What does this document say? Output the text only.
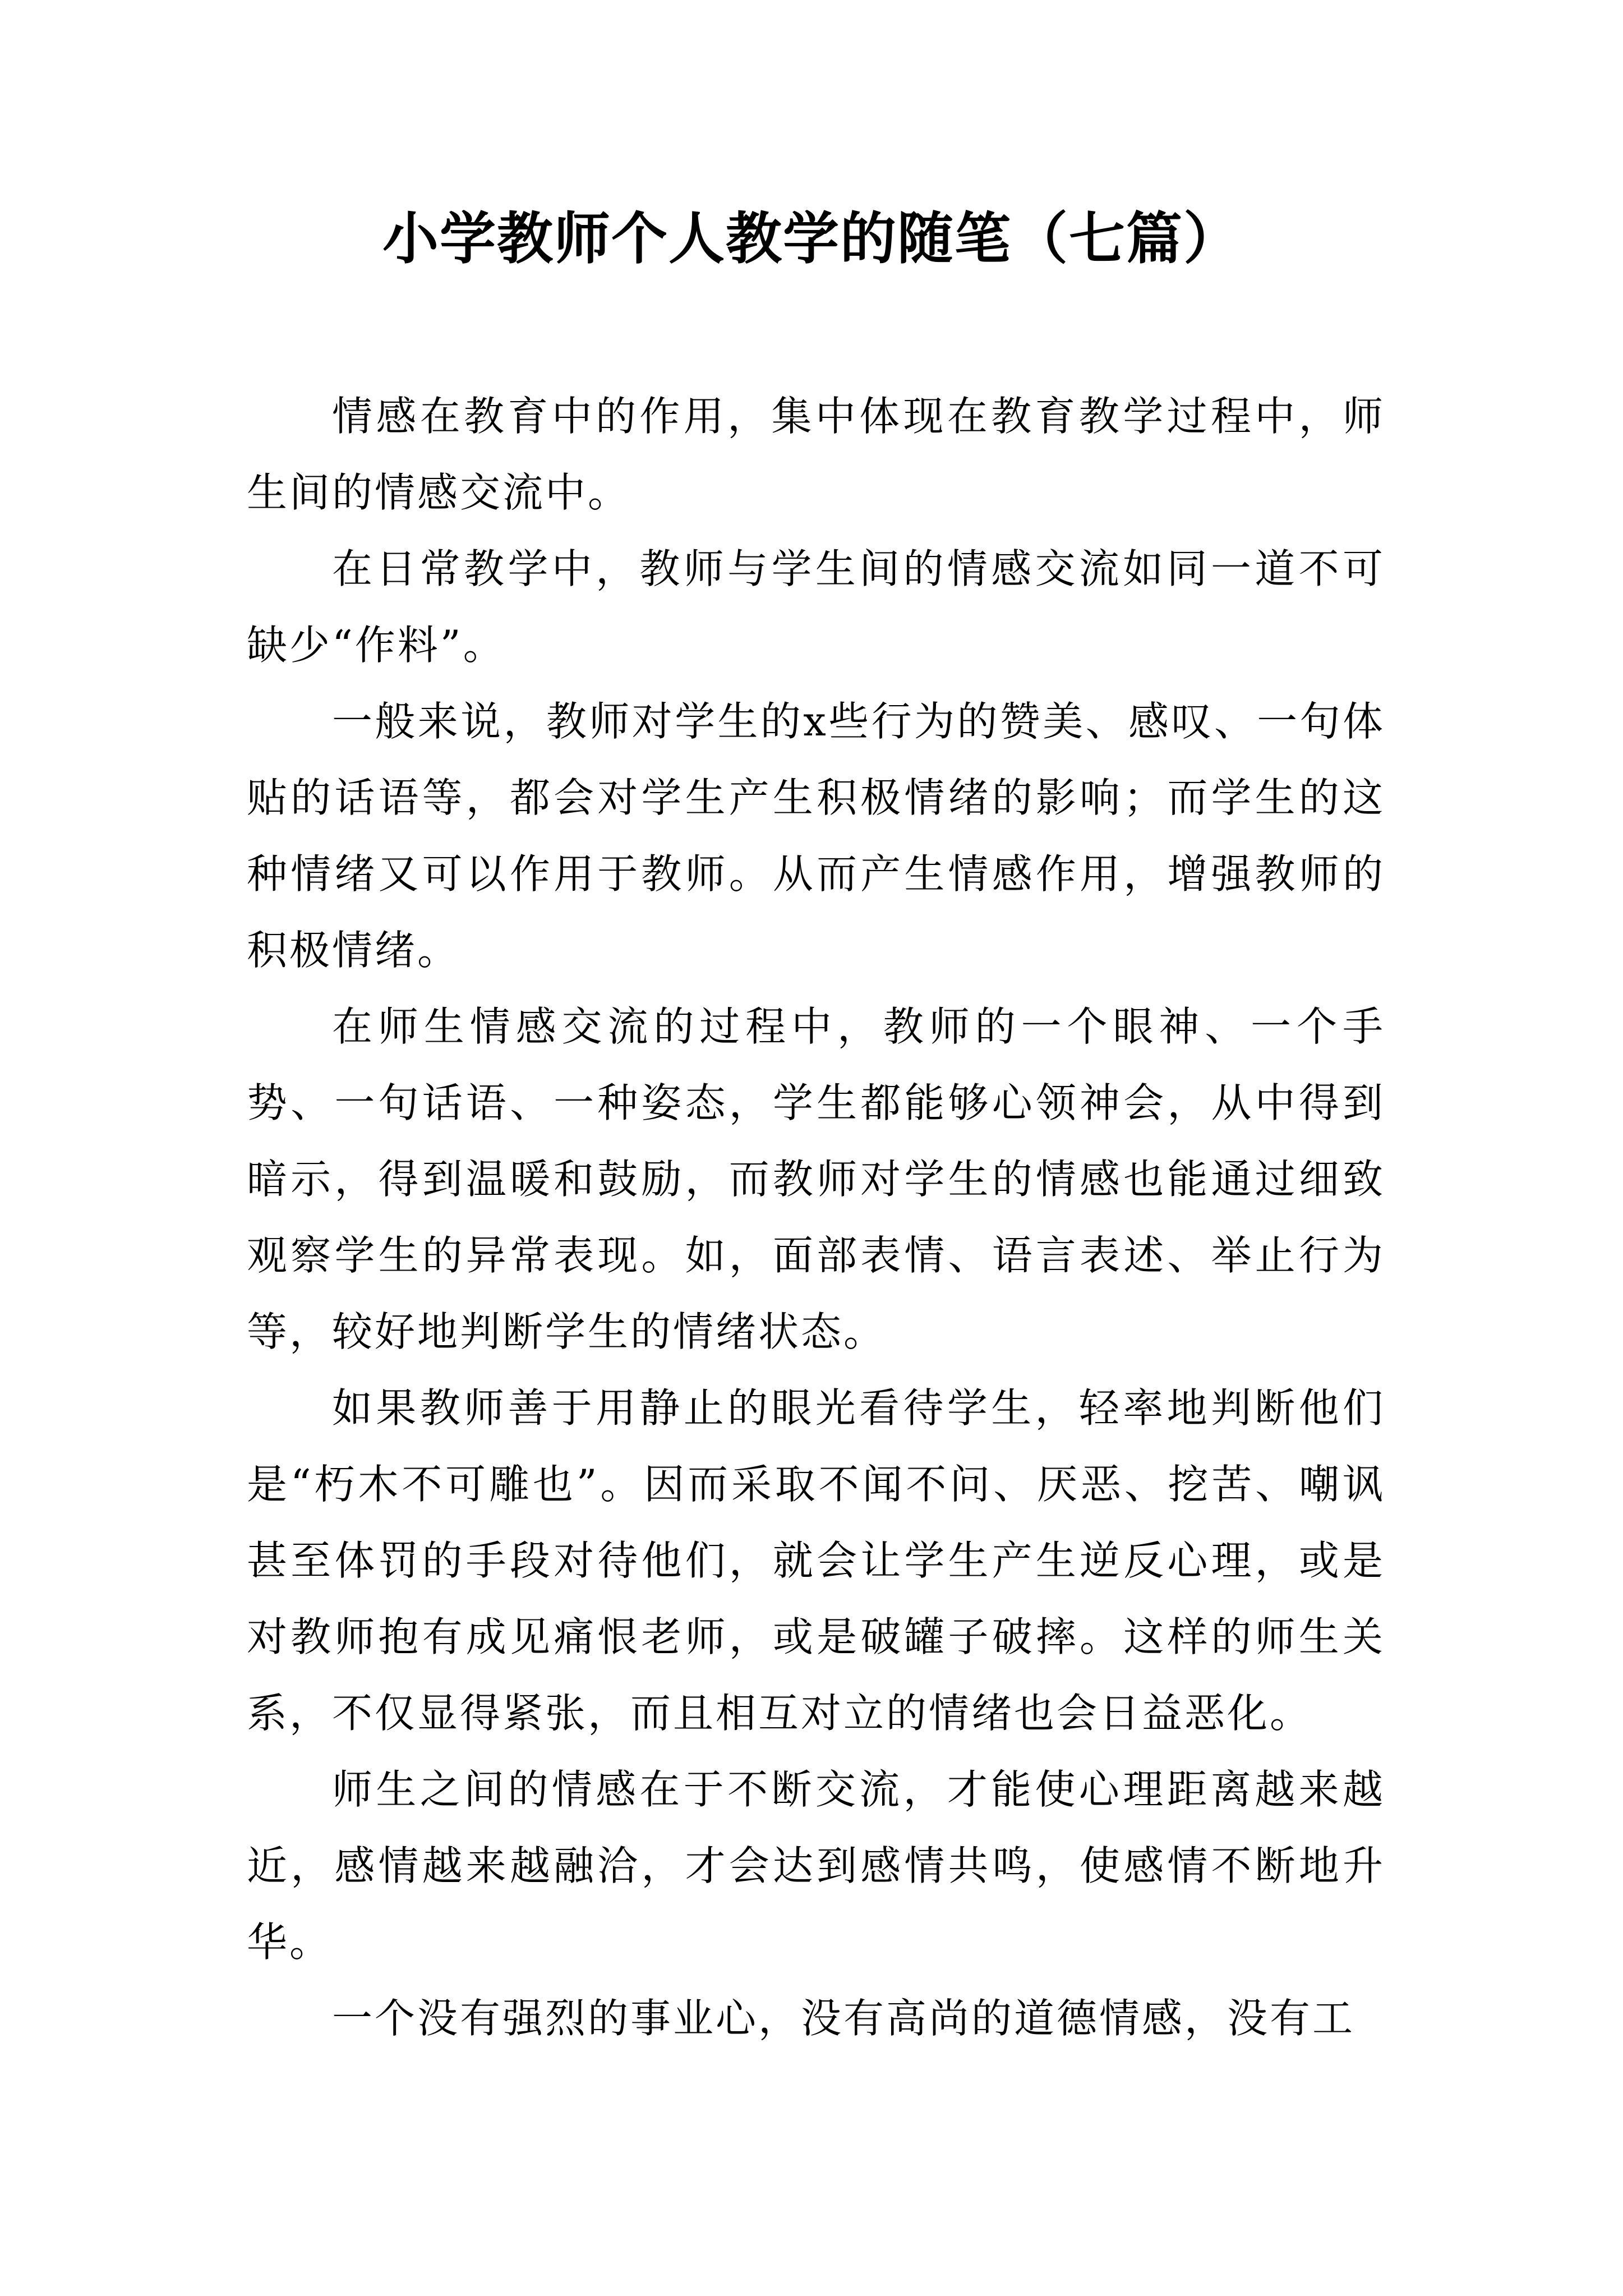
小学教师个人教学的随笔（七篇）

情感在教育中的作用，集中体现在教育教学过程中，师生间的情感交流中。

在日常教学中，教师与学生间的情感交流如同一道不可缺少“作料”。

一般来说，教师对学生的x些行为的赞美、感叹、一句体贴的话语等，都会对学生产生积极情绪的影响；而学生的这种情绪又可以作用于教师。从而产生情感作用，增强教师的积极情绪。

在师生情感交流的过程中，教师的一个眼神、一个手势、一句话语、一种姿态，学生都能够心领神会，从中得到暗示，得到温暖和鼓励，而教师对学生的情感也能通过细致观察学生的异常表现。如，面部表情、语言表述、举止行为等，较好地判断学生的情绪状态。

如果教师善于用静止的眼光看待学生，轻率地判断他们是“朽木不可雕也”。因而采取不闻不问、厌恶、挖苦、嘲讽甚至体罚的手段对待他们，就会让学生产生逆反心理，或是对教师抱有成见痛恨老师，或是破罐子破摔。这样的师生关系，不仅显得紧张，而且相互对立的情绪也会日益恶化。

师生之间的情感在于不断交流，才能使心理距离越来越近，感情越来越融洽，才会达到感情共鸣，使感情不断地升华。

一个没有强烈的事业心，没有高尚的道德情感，没有工
